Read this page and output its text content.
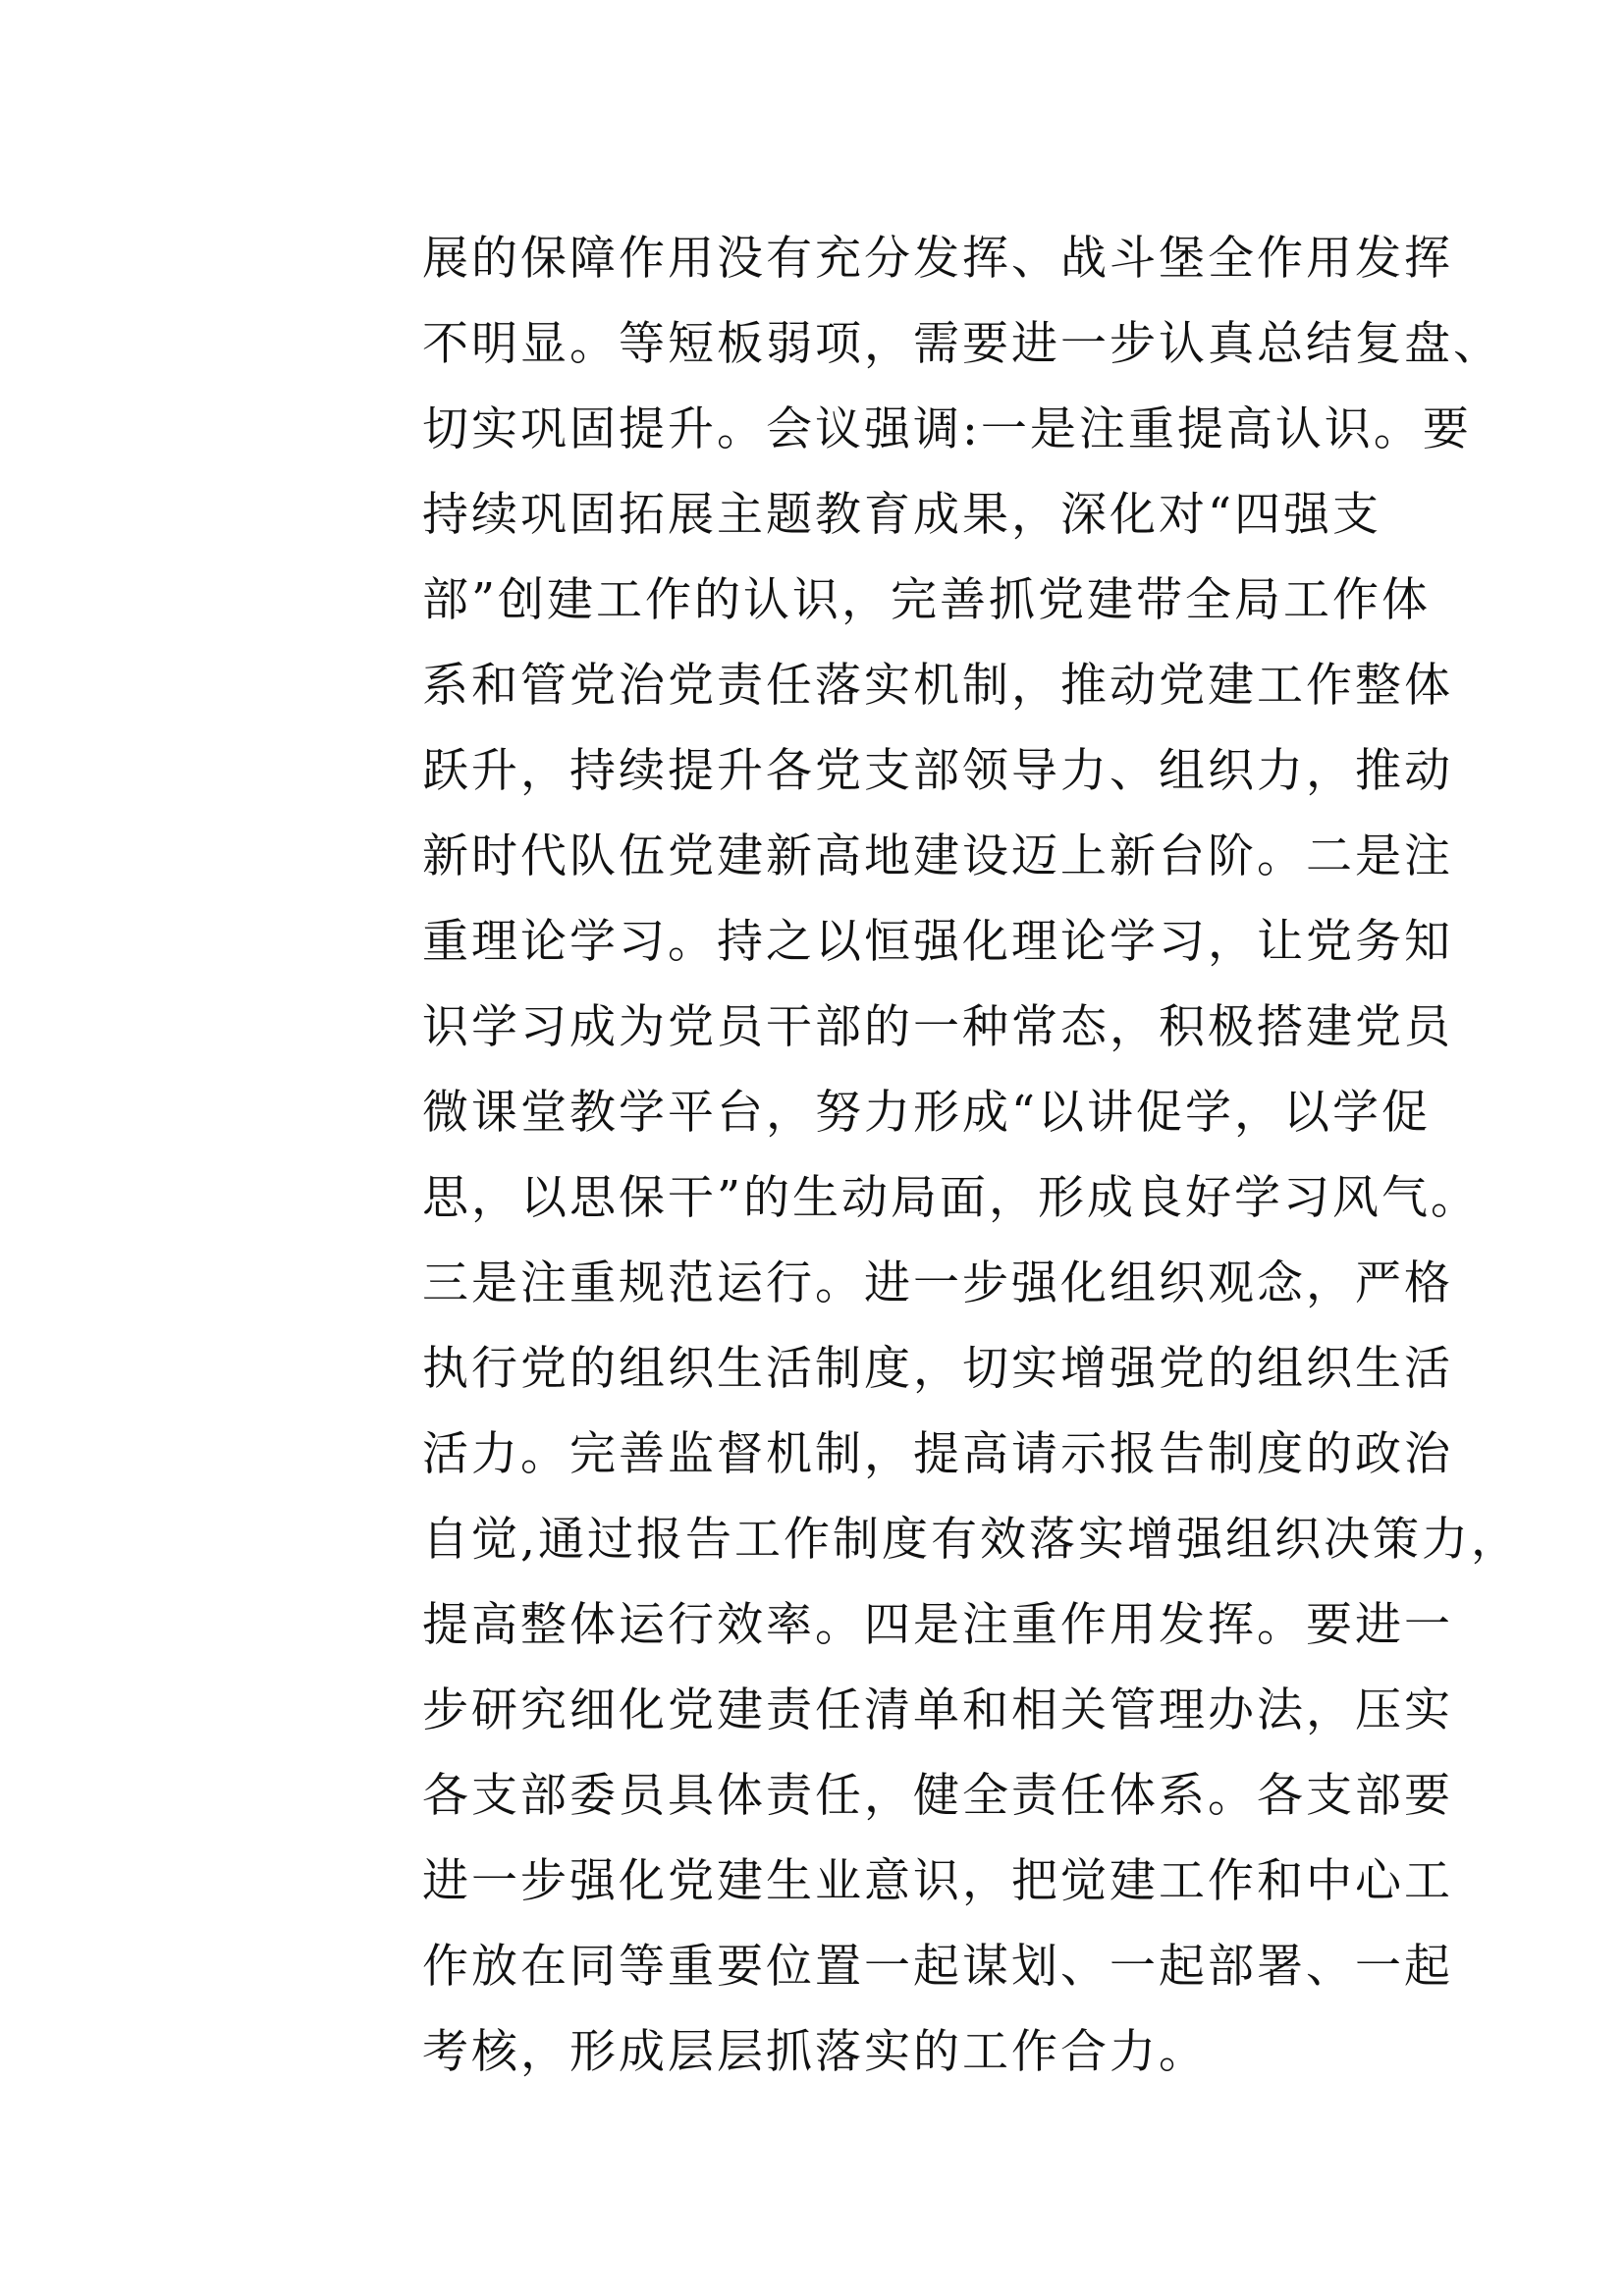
展的保障作用没有充分发挥、战斗堡全作用发挥
不明显。等短板弱项，需要进一步认真总结复盘、
切实巩固提升。会议强调:一是注重提高认识。要
持续巩固拓展主题教育成果，深化对“四强支
部”创建工作的认识，完善抓党建带全局工作体
系和管党治党责任落实机制，推动党建工作整体
跃升，持续提升各党支部领导力、组织力，推动
新时代队伍党建新高地建设迈上新台阶。二是注
重理论学习。持之以恒强化理论学习，让党务知
识学习成为党员干部的一种常态，积极搭建党员
微课堂教学平台，努力形成“以讲促学，以学促
思，以思保干”的生动局面，形成良好学习风气。
三是注重规范运行。进一步强化组织观念，严格
执行党的组织生活制度，切实增强党的组织生活
活力。完善监督机制，提高请示报告制度的政治
自觉,通过报告工作制度有效落实增强组织决策力，
提高整体运行效率。四是注重作用发挥。要进一
步研究细化党建责任清单和相关管理办法，压实
各支部委员具体责任，健全责任体系。各支部要
进一步强化党建生业意识，把觉建工作和中心工
作放在同等重要位置一起谋划、一起部署、一起
考核，形成层层抓落实的工作合力。
